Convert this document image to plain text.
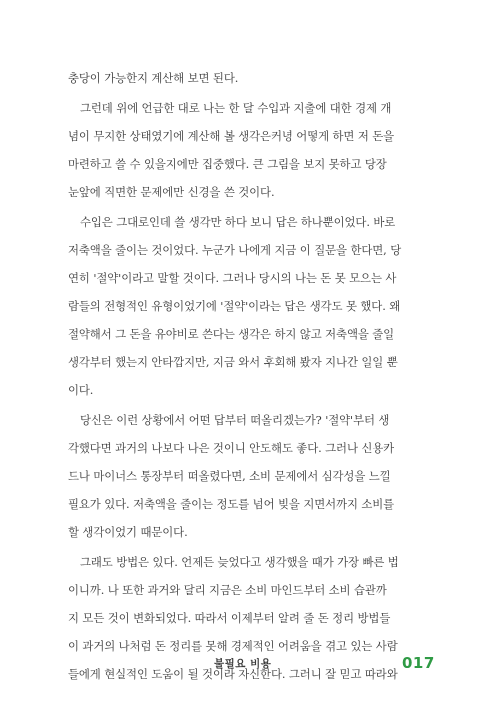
충당이 가능한지 계산해 보면 된다.
그런데 위에 언급한 대로 나는 한 달 수입과 지출에 대한 경제 개
념이 무지한 상태였기에 계산해 볼 생각은커녕 어떻게 하면 저 돈을
마련하고 쓸 수 있을지에만 집중했다. 큰 그림을 보지 못하고 당장
눈앞에 직면한 문제에만 신경을 쓴 것이다.
수입은 그대로인데 쓸 생각만 하다 보니 답은 하나뿐이었다. 바로
저축액을 줄이는 것이었다. 누군가 나에게 지금 이 질문을 한다면, 당
연히 '절약'이라고 말할 것이다. 그러나 당시의 나는 돈 못 모으는 사
람들의 전형적인 유형이었기에 '절약'이라는 답은 생각도 못 했다. 왜
절약해서 그 돈을 유야비로 쓴다는 생각은 하지 않고 저축액을 줄일
생각부터 했는지 안타깝지만, 지금 와서 후회해 봤자 지나간 일일 뿐
이다.
당신은 이런 상황에서 어떤 답부터 떠올리겠는가? '절약'부터 생
각했다면 과거의 나보다 나은 것이니 안도해도 좋다. 그러나 신용카
드나 마이너스 통장부터 떠올렸다면, 소비 문제에서 심각성을 느낄
필요가 있다. 저축액을 줄이는 정도를 넘어 빚을 지면서까지 소비를
할 생각이었기 때문이다.
그래도 방법은 있다. 언제든 늦었다고 생각했을 때가 가장 빠른 법
이니까. 나 또한 과거와 달리 지금은 소비 마인드부터 소비 습관까
지 모든 것이 변화되었다. 따라서 이제부터 알려 줄 돈 정리 방법들
이 과거의 나처럼 돈 정리를 못해 경제적인 어려움을 겪고 있는 사람
들에게 현실적인 도움이 될 것이라 자신한다. 그러니 잘 믿고 따라와
불필요 비용	017
